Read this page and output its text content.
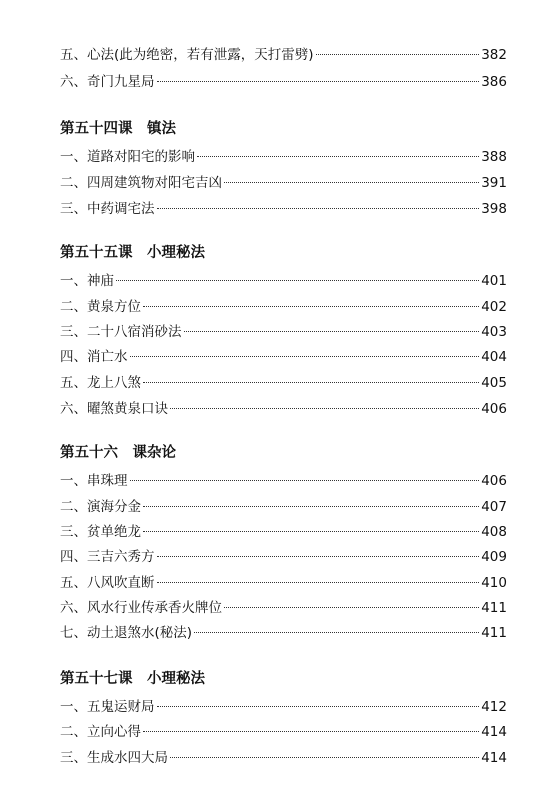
五、心法(此为绝密，若有泄露，天打雷劈)	382
六、奇门九星局	386
第五十四课　镇法
一、道路对阳宅的影响	388
二、四周建筑物对阳宅吉凶	391
三、中药调宅法	398
第五十五课　小理秘法
一、神庙	401
二、黄泉方位	402
三、二十八宿消砂法	403
四、消亡水	404
五、龙上八煞	405
六、曜煞黄泉口诀	406
第五十六　课杂论
一、串珠理	406
二、演海分金	407
三、贫单绝龙	408
四、三吉六秀方	409
五、八风吹直断	410
六、风水行业传承香火牌位	411
七、动土退煞水(秘法)	411
第五十七课　小理秘法
一、五鬼运财局	412
二、立向心得	414
三、生成水四大局	414
